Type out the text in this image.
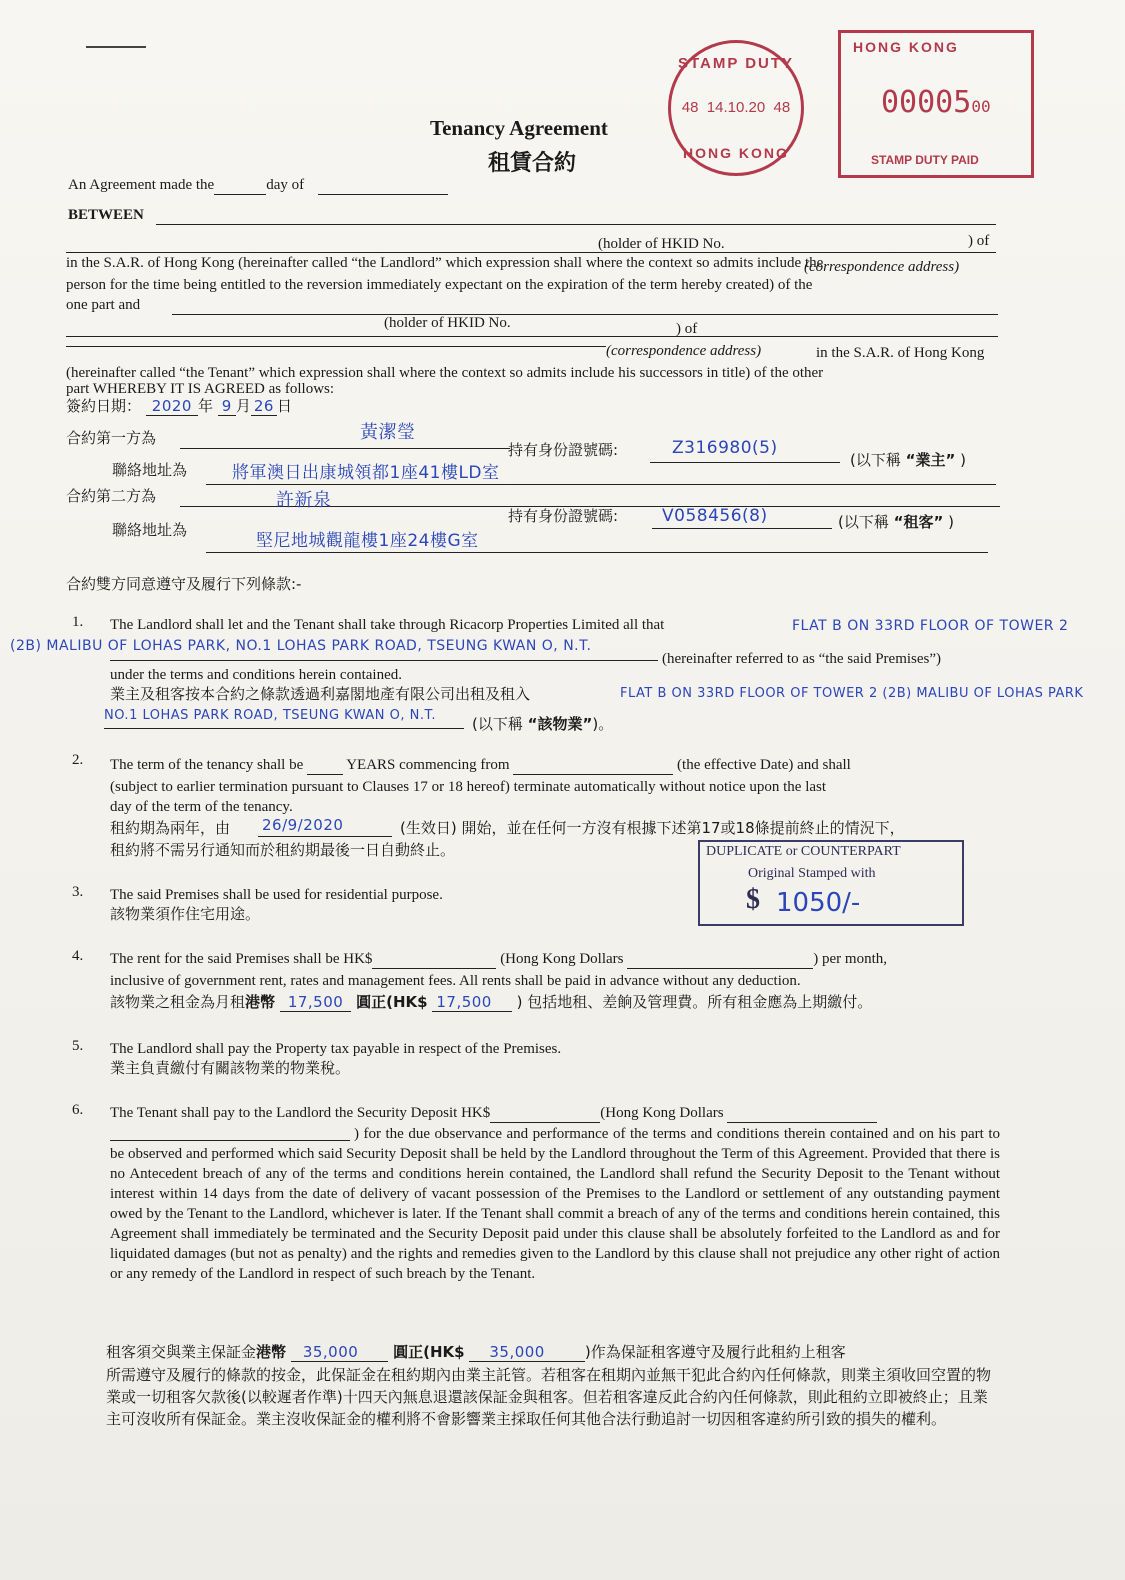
Tenancy Agreement
租賃合約
STAMP DUTY
48 14.10.20 48
HONG KONG
HONG KONG
0000500
STAMP DUTY PAID
An Agreement made the	day of
BETWEEN
(holder of HKID No.	) of
in the S.A.R. of Hong Kong (hereinafter called “the Landlord” which expression shall where the context so admits include the
(correspondence address)
person for the time being entitled to the reversion immediately expectant on the expiration of the term hereby created) of the
one part and
(holder of HKID No.	) of
(correspondence address)	in the S.A.R. of Hong Kong
(hereinafter called “the Tenant” which expression shall where the context so admits include his successors in title) of the other
part WHEREBY IT IS AGREED as follows:
簽約日期： 2020 年 9 月 26 日
合約第一方為	黃潔瑩
持有身份證號碼:	Z316980(5)
(以下稱 “業主” )
聯絡地址為	將軍澳日出康城領都1座41樓LD室
合約第二方為	許新泉
持有身份證號碼:	V058456(8)	(以下稱 “租客” )
聯絡地址為
堅尼地城觀龍樓1座24樓G室
合約雙方同意遵守及履行下列條款:-
1. The Landlord shall let and the Tenant shall take through Ricacorp Properties Limited all that	FLAT B ON 33RD FLOOR OF TOWER 2
(2B) MALIBU OF LOHAS PARK, NO.1 LOHAS PARK ROAD, TSEUNG KWAN O, N.T.
(hereinafter referred to as “the said Premises”)
under the terms and conditions herein contained.
業主及租客按本合約之條款透過利嘉閣地產有限公司出租及租入	FLAT B ON 33RD FLOOR OF TOWER 2 (2B) MALIBU OF LOHAS PARK
NO.1 LOHAS PARK ROAD, TSEUNG KWAN O, N.T. (以下稱 “該物業”)。
2. The term of the tenancy shall be	YEARS commencing from	(the effective Date) and shall
(subject to earlier termination pursuant to Clauses 17 or 18 hereof) terminate automatically without notice upon the last
day of the term of the tenancy.
租約期為兩年，由 26/9/2020	(生效日) 開始，並在任何一方沒有根據下述第17或18條提前終止的情況下，
租約將不需另行通知而於租約期最後一日自動終止。	DUPLICATE or COUNTERPART
Original Stamped with
$ 1050/-
3. The said Premises shall be used for residential purpose.
該物業須作住宅用途。
4. The rent for the said Premises shall be HK$	(Hong Kong Dollars	) per month,
inclusive of government rent, rates and management fees. All rents shall be paid in advance without any deduction.
該物業之租金為月租港幣 17,500 圓正(HK$ 17,500 ) 包括地租、差餉及管理費。所有租金應為上期繳付。
5. The Landlord shall pay the Property tax payable in respect of the Premises.
業主負責繳付有關該物業的物業稅。
6. The Tenant shall pay to the Landlord the Security Deposit HK$	(Hong Kong Dollars
) for the due observance and performance of the terms and conditions therein contained and on his part to be observed and performed which said Security Deposit shall be held by the Landlord throughout the Term of this Agreement. Provided that there is no Antecedent breach of any of the terms and conditions herein contained, the Landlord shall refund the Security Deposit to the Tenant without interest within 14 days from the date of delivery of vacant possession of the Premises to the Landlord or settlement of any outstanding payment owed by the Tenant to the Landlord, whichever is later. If the Tenant shall commit a breach of any of the terms and conditions herein contained, this Agreement shall immediately be terminated and the Security Deposit paid under this clause shall be absolutely forfeited to the Landlord as and for liquidated damages (but not as penalty) and the rights and remedies given to the Landlord by this clause shall not prejudice any other right of action or any remedy of the Landlord in respect of such breach by the Tenant.
租客須交與業主保証金港幣 35,000 圓正(HK$ 35,000	)作為保証租客遵守及履行此租約上租客
所需遵守及履行的條款的按金，此保証金在租約期內由業主託管。若租客在租期內並無干犯此合約內任何條款，則業主須收回空置的物業或一切租客欠款後(以較遲者作準)十四天內無息退還該保証金與租客。但若租客違反此合約內任何條款，則此租約立即被終止；且業主可沒收所有保証金。業主沒收保証金的權利將不會影響業主採取任何其他合法行動追討一切因租客違約所引致的損失的權利。
